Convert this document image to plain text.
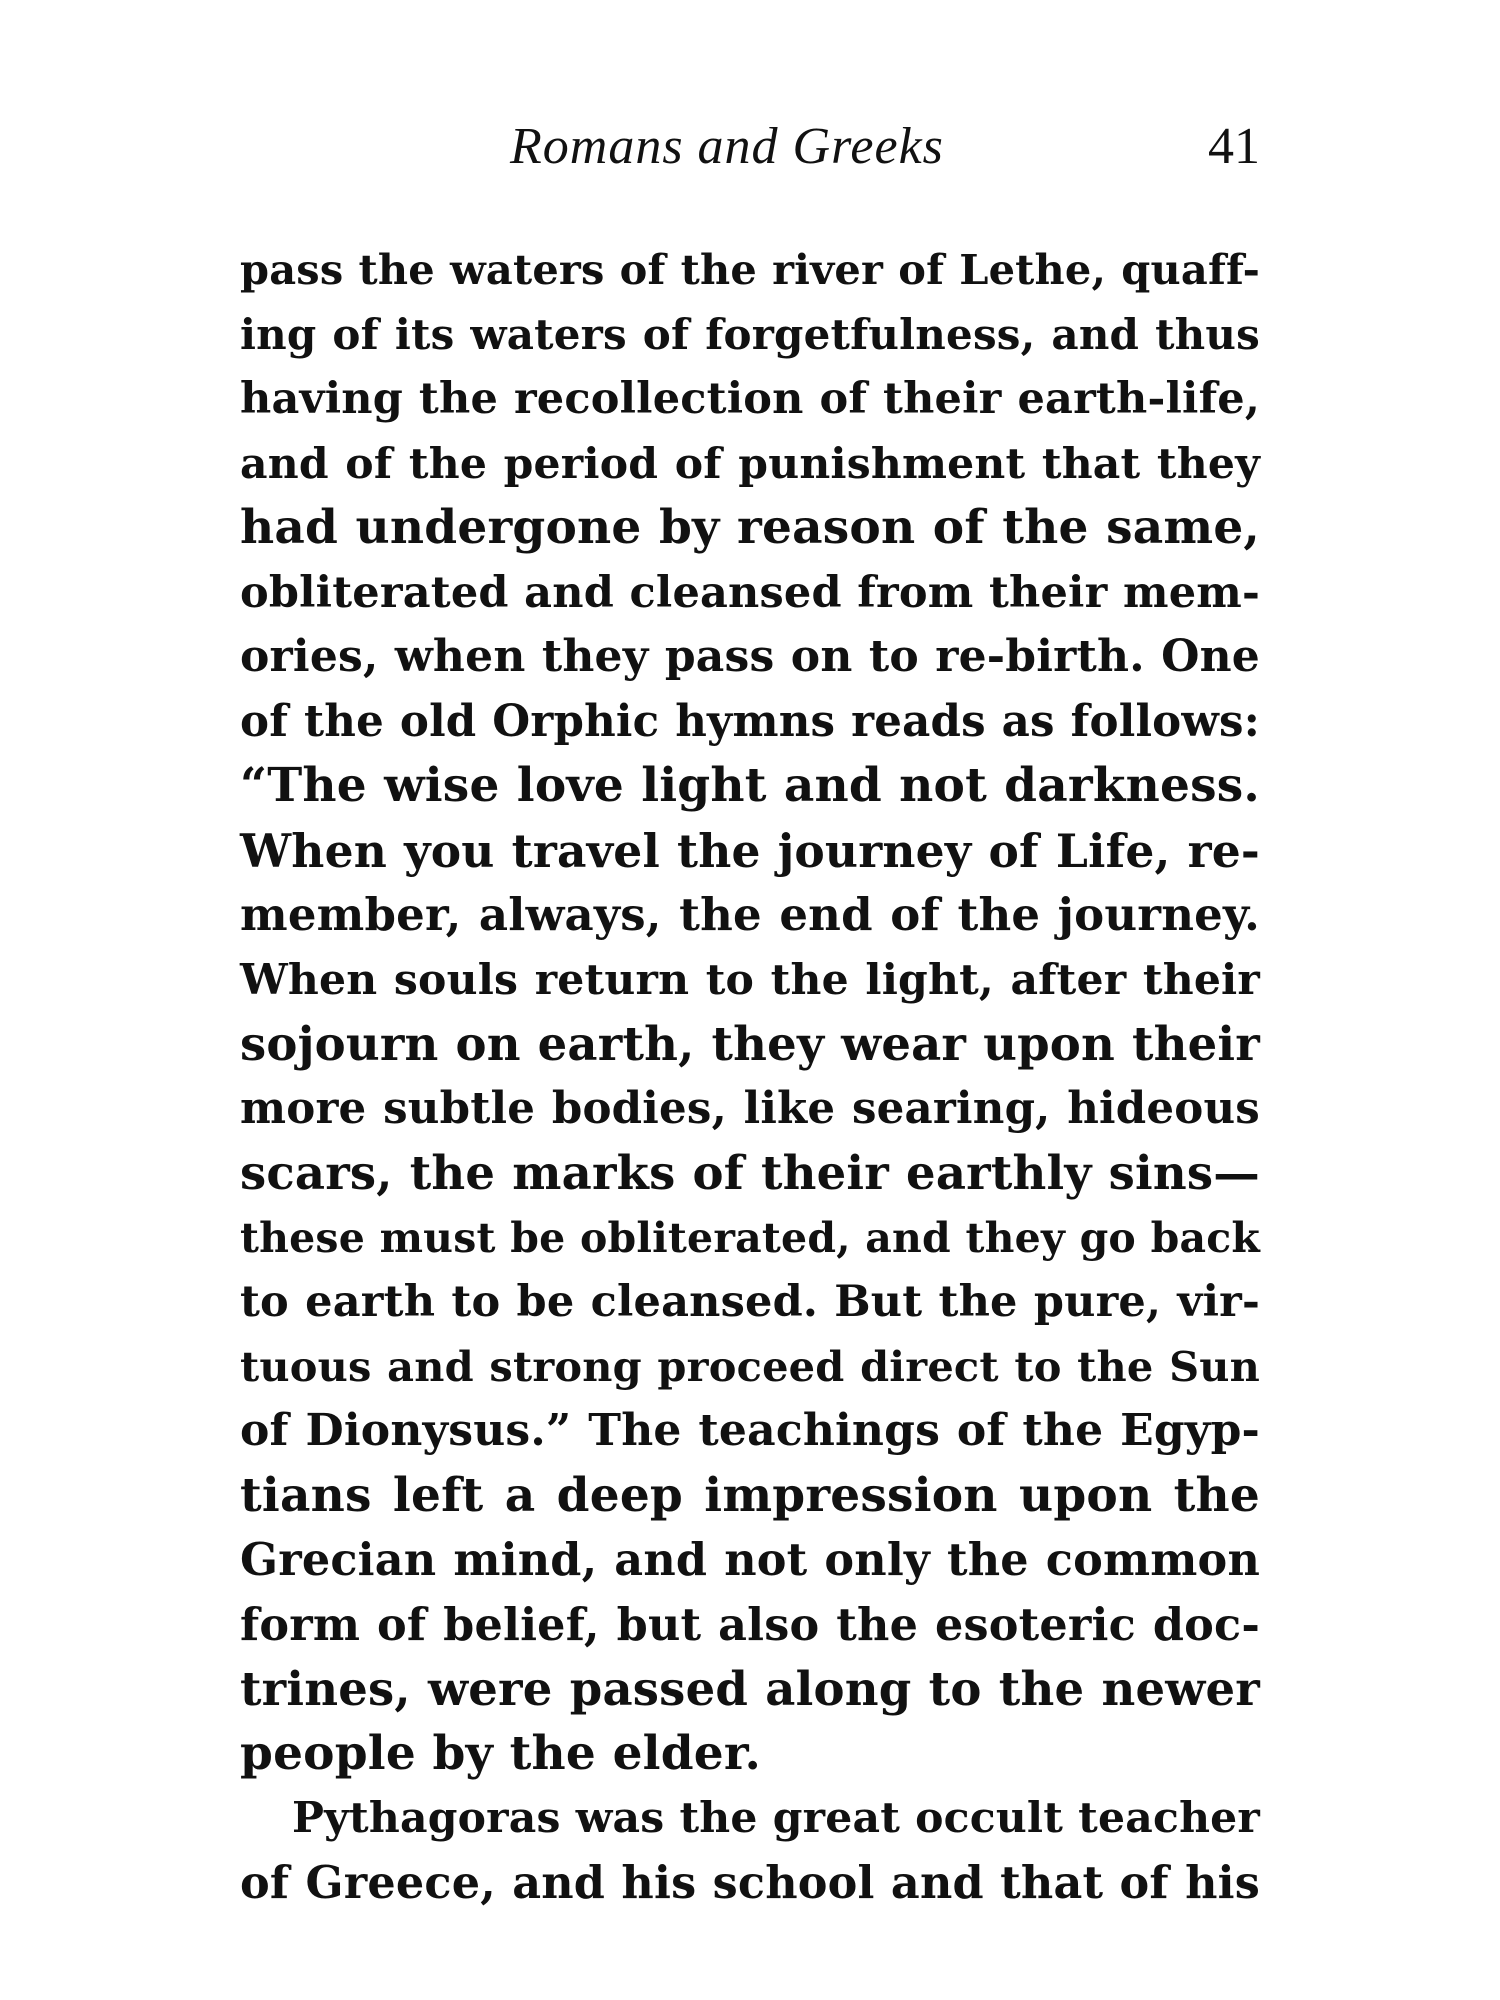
Romans and Greeks	41
pass the waters of the river of Lethe, quaff-
ing of its waters of forgetfulness, and thus
having the recollection of their earth-life,
and of the period of punishment that they
had undergone by reason of the same,
obliterated and cleansed from their mem-
ories, when they pass on to re-birth. One
of the old Orphic hymns reads as follows:
“The wise love light and not darkness.
When you travel the journey of Life, re-
member, always, the end of the journey.
When souls return to the light, after their
sojourn on earth, they wear upon their
more subtle bodies, like searing, hideous
scars, the marks of their earthly sins—
these must be obliterated, and they go back
to earth to be cleansed. But the pure, vir-
tuous and strong proceed direct to the Sun
of Dionysus.” The teachings of the Egyp-
tians left a deep impression upon the
Grecian mind, and not only the common
form of belief, but also the esoteric doc-
trines, were passed along to the newer
people by the elder.
Pythagoras was the great occult teacher
of Greece, and his school and that of his
